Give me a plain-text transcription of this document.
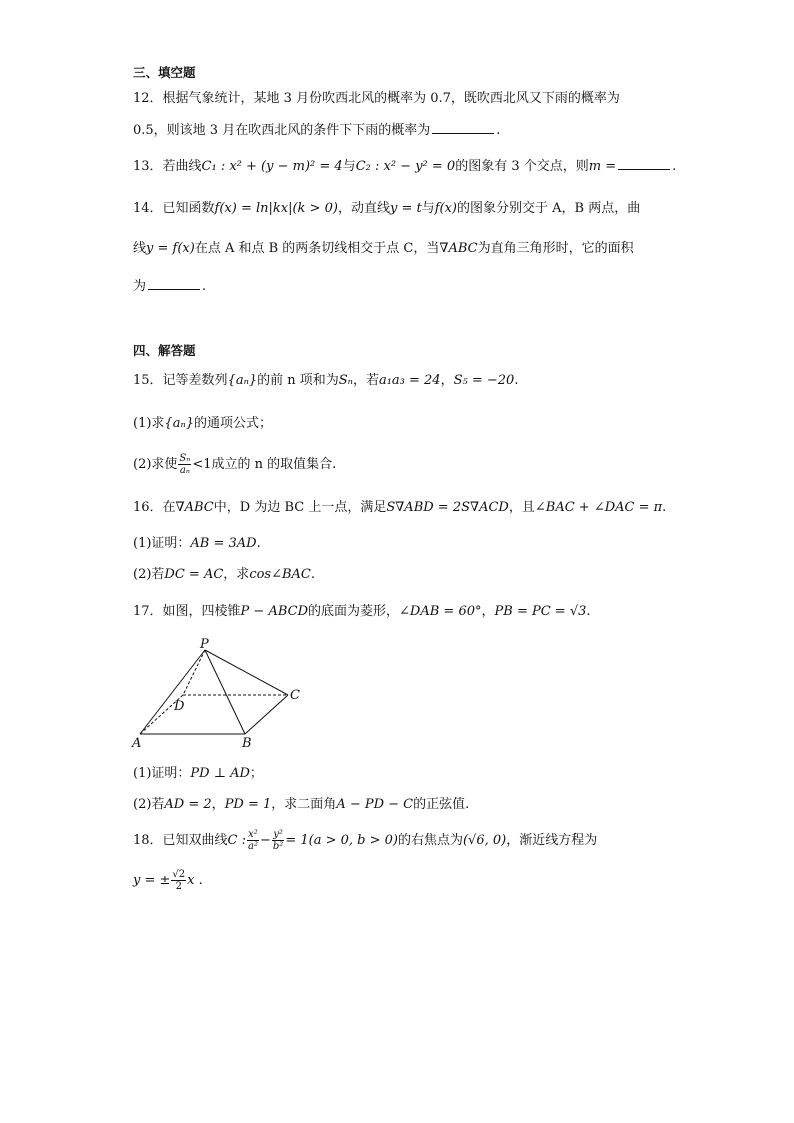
三、填空题
12．根据气象统计，某地 3 月份吹西北风的概率为 0.7，既吹西北风又下雨的概率为
0.5，则该地 3 月在吹西北风的条件下下雨的概率为	.
13．若曲线C₁ : x² + (y − m)² = 4与C₂ : x² − y² = 0的图象有 3 个交点，则m =	.
14．已知函数f(x) = ln|kx|(k > 0)，动直线y = t与f(x)的图象分别交于 A，B 两点，曲
线y = f(x)在点 A 和点 B 的两条切线相交于点 C，当∇ABC为直角三角形时，它的面积
为	.
四、解答题
15．记等差数列{aₙ}的前 n 项和为Sₙ，若a₁a₃ = 24，S₅ = −20.
(1)求{aₙ}的通项公式；
(2)求使 $\frac{\text{Sₙ}}{\text{aₙ}} <1$成立的 n 的取值集合.
16．在∇ABC中，D 为边 BC 上一点，满足S∇ABD = 2S∇ACD，且∠BAC + ∠DAC = π.
(1)证明：AB = 3AD.
(2)若DC = AC，求cos∠BAC.
17．如图，四棱锥P − ABCD的底面为菱形，∠DAB = 60°，PB = PC = √3.
P
D
C
A	B
(1)证明：PD ⊥ AD；
(2)若AD = 2，PD = 1，求二面角A − PD − C的正弦值.
18．已知双曲线C : $\frac{\text{x²}}{\text{a²}} - \frac{\text{y²}}{\text{b²}} = 1(a > 0$, b > 0)的右焦点为(√6, 0)，渐近线方程为
y = ± $\frac{√2}{2}$ x .
